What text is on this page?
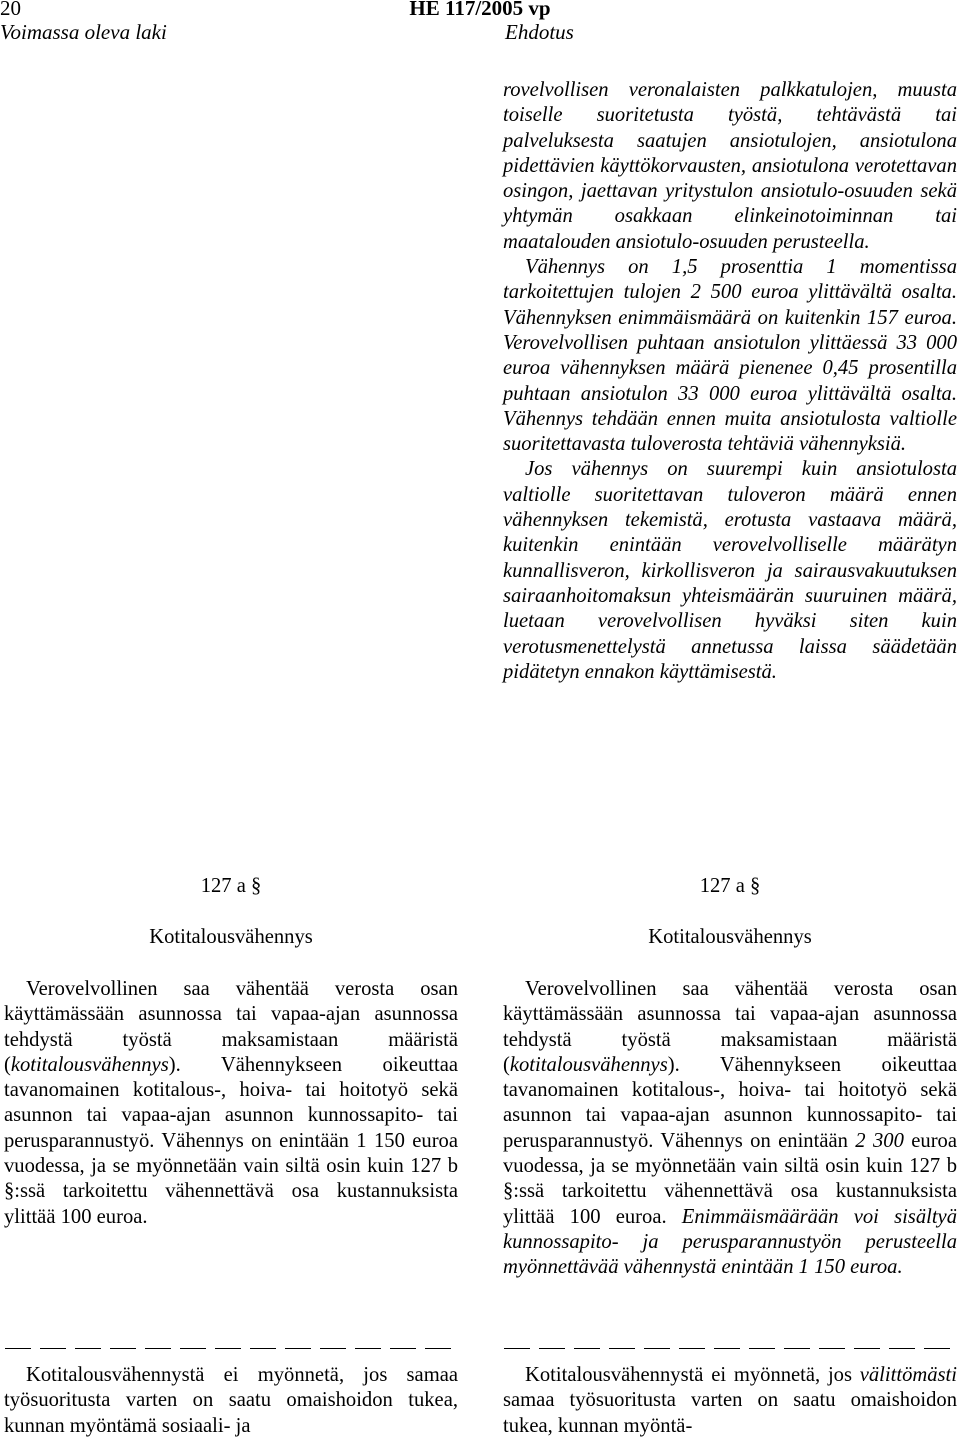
20	HE 117/2005 vp
Voimassa oleva laki	Ehdotus

rovelvollisen veronalaisten palkkatulojen, muusta toiselle suoritetusta työstä, tehtävästä tai palveluksesta saatujen ansiotulojen, ansiotulona pidettävien käyttökorvausten, ansiotulona verotettavan osingon, jaettavan yritystulon ansiotulo-osuuden sekä yhtymän osakkaan elinkeinotoiminnan tai maatalouden ansiotulo-osuuden perusteella.

Vähennys on 1,5 prosenttia 1 momentissa tarkoitettujen tulojen 2 500 euroa ylittävältä osalta. Vähennyksen enimmäismäärä on kuitenkin 157 euroa. Verovelvollisen puhtaan ansiotulon ylittäessä 33 000 euroa vähennyksen määrä pienenee 0,45 prosentilla puhtaan ansiotulon 33 000 euroa ylittävältä osalta. Vähennys tehdään ennen muita ansiotulosta valtiolle suoritettavasta tuloverosta tehtäviä vähennyksiä.

Jos vähennys on suurempi kuin ansiotulosta valtiolle suoritettavan tuloveron määrä ennen vähennyksen tekemistä, erotusta vastaava määrä, kuitenkin enintään verovelvolliselle määrätyn kunnallisveron, kirkollisveron ja sairausvakuutuksen sairaanhoitomaksun yhteismäärän suuruinen määrä, luetaan verovelvollisen hyväksi siten kuin verotusmenettelystä annetussa laissa säädetään pidätetyn ennakon käyttämisestä.

127 a §
Kotitalousvähennys

Verovelvollinen saa vähentää verosta osan käyttämässään asunnossa tai vapaa-ajan asunnossa tehdystä työstä maksamistaan määristä (kotitalousvähennys). Vähennykseen oikeuttaa tavanomainen kotitalous-, hoiva- tai hoitotyö sekä asunnon tai vapaa-ajan asunnon kunnossapito- tai perusparannustyö. Vähennys on enintään 1 150 euroa vuodessa, ja se myönnetään vain siltä osin kuin 127 b §:ssä tarkoitettu vähennettävä osa kustannuksista ylittää 100 euroa.

Kotitalousvähennystä ei myönnetä, jos samaa työsuoritusta varten on saatu omaishoidon tukea, kunnan myöntämä sosiaali- ja

127 a §
Kotitalousvähennys

Verovelvollinen saa vähentää verosta osan käyttämässään asunnossa tai vapaa-ajan asunnossa tehdystä työstä maksamistaan määristä (kotitalousvähennys). Vähennykseen oikeuttaa tavanomainen kotitalous-, hoiva- tai hoitotyö sekä asunnon tai vapaa-ajan asunnon kunnossapito- tai perusparannustyö. Vähennys on enintään 2 300 euroa vuodessa, ja se myönnetään vain siltä osin kuin 127 b §:ssä tarkoitettu vähennettävä osa kustannuksista ylittää 100 euroa. Enimmäismäärään voi sisältyä kunnossapito- ja perusparannustyön perusteella myönnettävää vähennystä enintään 1 150 euroa.

Kotitalousvähennystä ei myönnetä, jos välittömästi samaa työsuoritusta varten on saatu omaishoidon tukea, kunnan myöntä-
